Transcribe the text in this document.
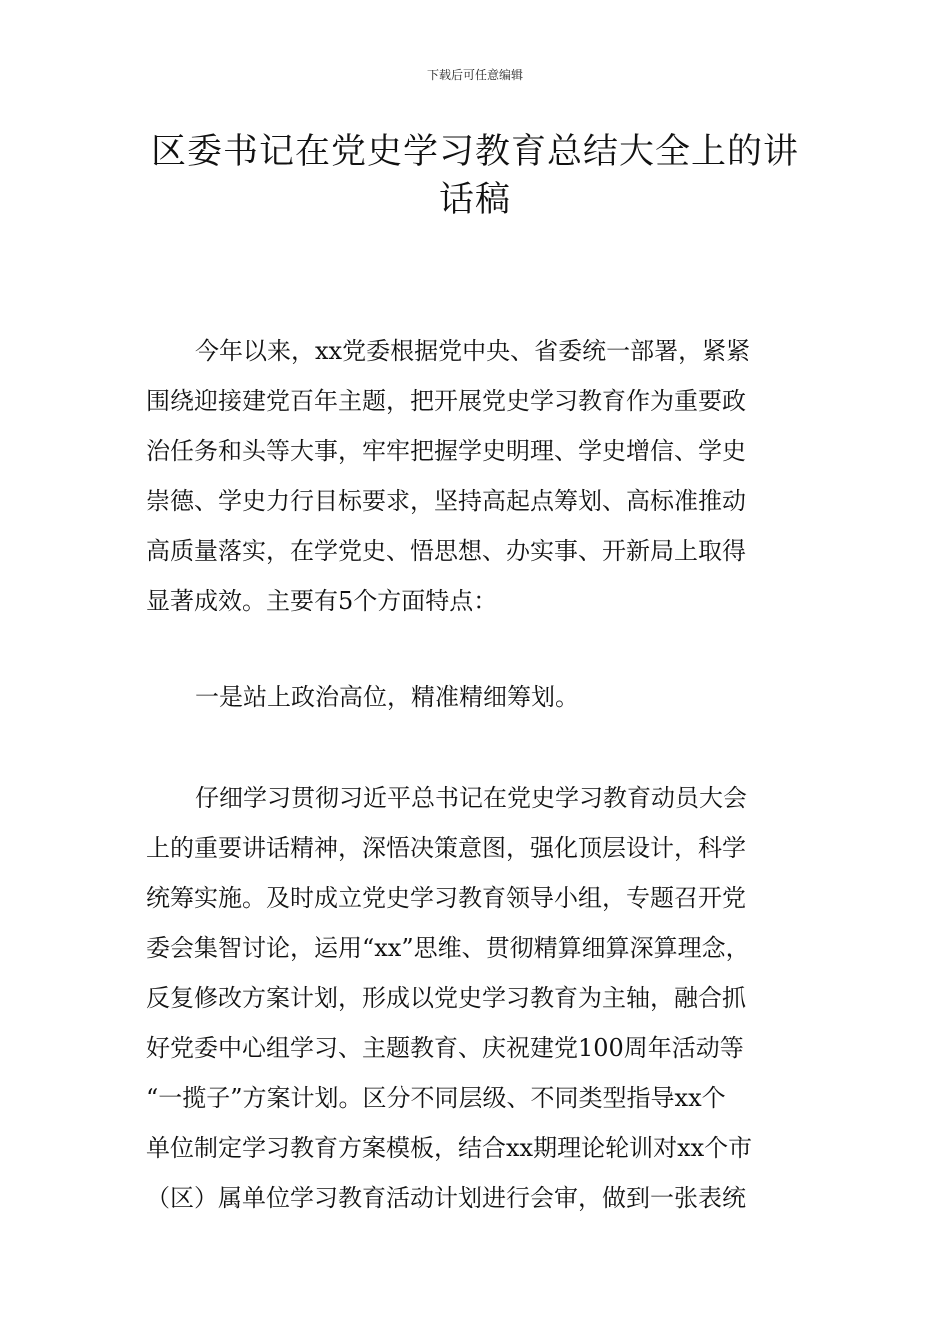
下载后可任意编辑
区委书记在党史学习教育总结大全上的讲
话稿
今年以来，xx党委根据党中央、省委统一部署，紧紧
围绕迎接建党百年主题，把开展党史学习教育作为重要政
治任务和头等大事，牢牢把握学史明理、学史增信、学史
崇德、学史力行目标要求，坚持高起点筹划、高标准推动
高质量落实，在学党史、悟思想、办实事、开新局上取得
显著成效。主要有5个方面特点：
一是站上政治高位，精准精细筹划。
仔细学习贯彻习近平总书记在党史学习教育动员大会
上的重要讲话精神，深悟决策意图，强化顶层设计，科学
统筹实施。及时成立党史学习教育领导小组，专题召开党
委会集智讨论，运用“xx”思维、贯彻精算细算深算理念，
反复修改方案计划，形成以党史学习教育为主轴，融合抓
好党委中心组学习、主题教育、庆祝建党100周年活动等
“一揽子”方案计划。区分不同层级、不同类型指导xx个
单位制定学习教育方案模板，结合xx期理论轮训对xx个市
（区）属单位学习教育活动计划进行会审，做到一张表统
